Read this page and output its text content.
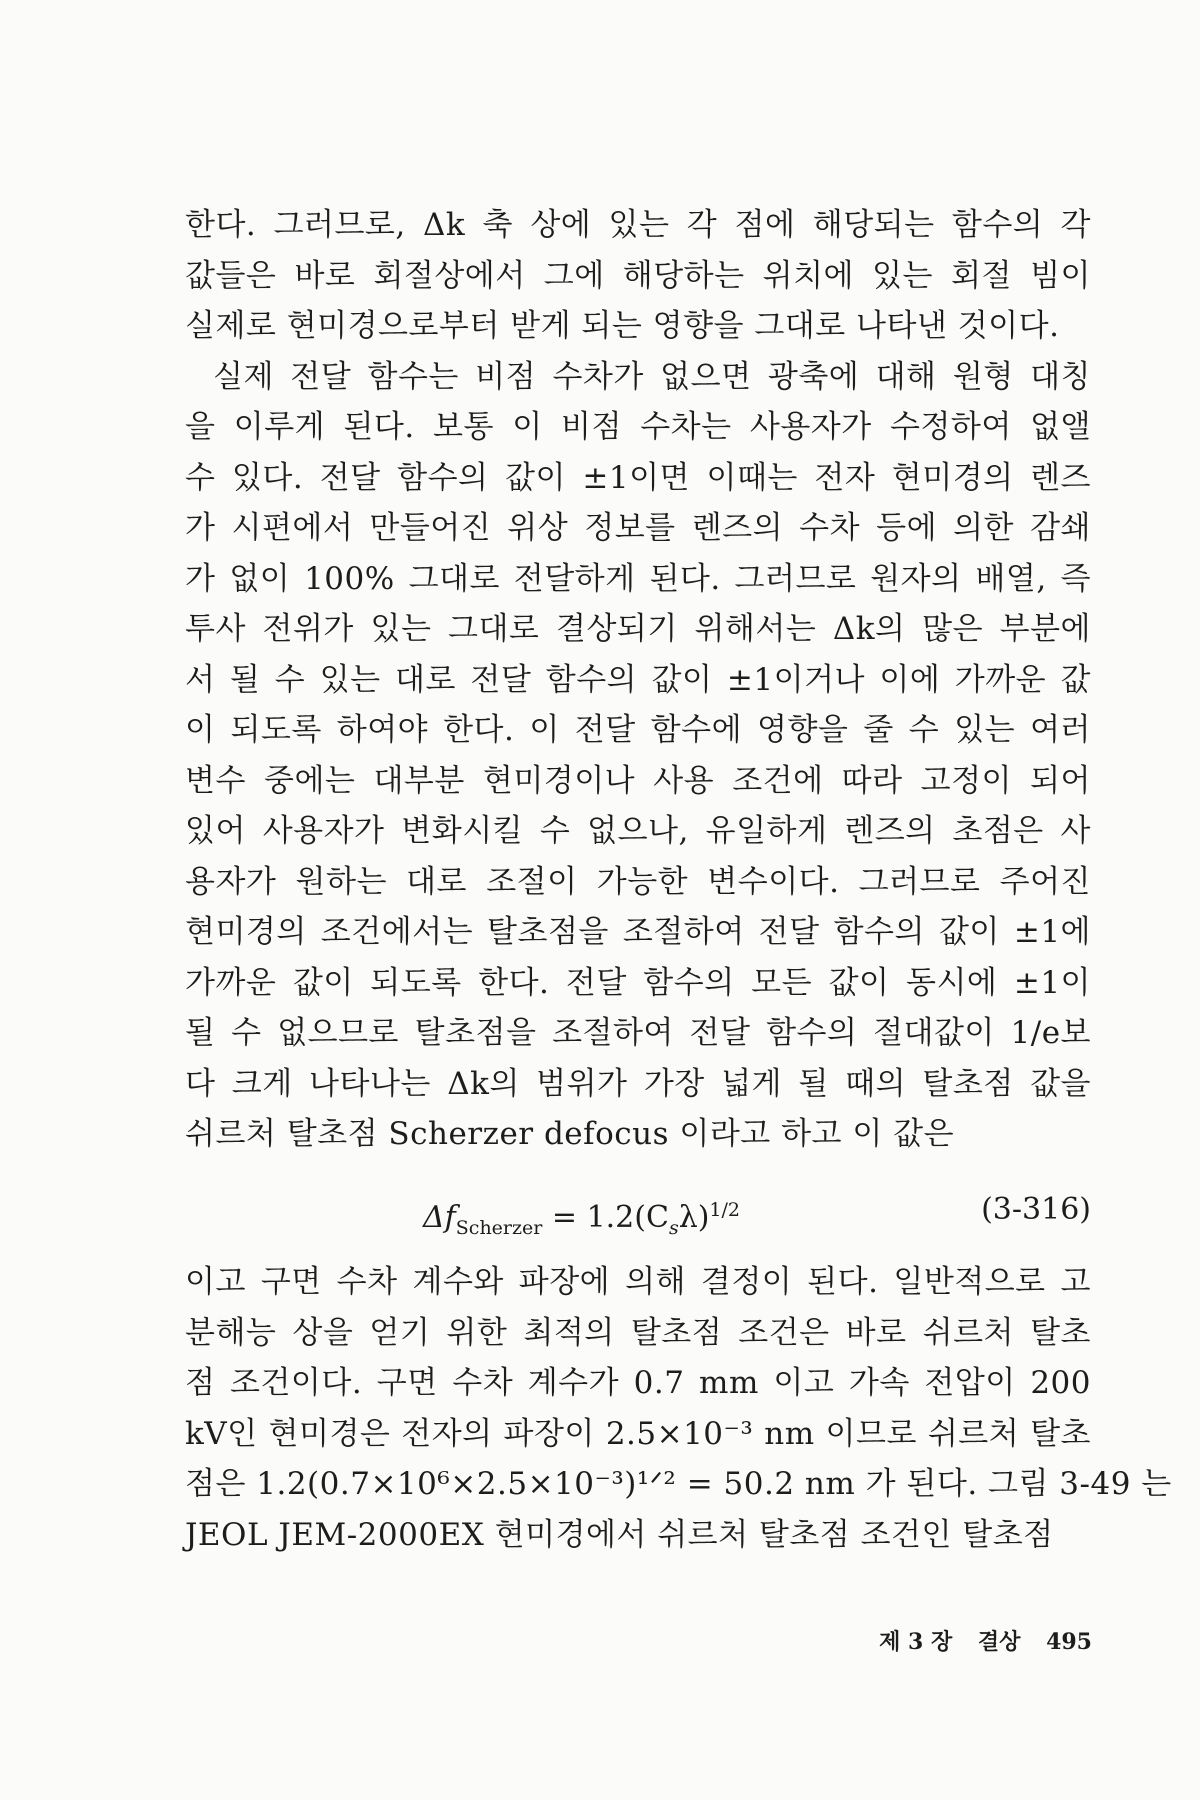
한다. 그러므로, Δk 축 상에 있는 각 점에 해당되는 함수의 각
값들은 바로 회절상에서 그에 해당하는 위치에 있는 회절 빔이
실제로 현미경으로부터 받게 되는 영향을 그대로 나타낸 것이다.
실제 전달 함수는 비점 수차가 없으면 광축에 대해 원형 대칭
을 이루게 된다. 보통 이 비점 수차는 사용자가 수정하여 없앨
수 있다. 전달 함수의 값이 ±1이면 이때는 전자 현미경의 렌즈
가 시편에서 만들어진 위상 정보를 렌즈의 수차 등에 의한 감쇄
가 없이 100% 그대로 전달하게 된다. 그러므로 원자의 배열, 즉
투사 전위가 있는 그대로 결상되기 위해서는 Δk의 많은 부분에
서 될 수 있는 대로 전달 함수의 값이 ±1이거나 이에 가까운 값
이 되도록 하여야 한다. 이 전달 함수에 영향을 줄 수 있는 여러
변수 중에는 대부분 현미경이나 사용 조건에 따라 고정이 되어
있어 사용자가 변화시킬 수 없으나, 유일하게 렌즈의 초점은 사
용자가 원하는 대로 조절이 가능한 변수이다. 그러므로 주어진
현미경의 조건에서는 탈초점을 조절하여 전달 함수의 값이 ±1에
가까운 값이 되도록 한다. 전달 함수의 모든 값이 동시에 ±1이
될 수 없으므로 탈초점을 조절하여 전달 함수의 절대값이 1/e보
다 크게 나타나는 Δk의 범위가 가장 넓게 될 때의 탈초점 값을
쉬르처 탈초점 Scherzer defocus 이라고 하고 이 값은
$\Delta f_{Scherzer} = 1.2(C_s\lambda)^{1/2}$	(3-316)
이고 구면 수차 계수와 파장에 의해 결정이 된다. 일반적으로 고
분해능 상을 얻기 위한 최적의 탈초점 조건은 바로 쉬르처 탈초
점 조건이다. 구면 수차 계수가 0.7 mm 이고 가속 전압이 200
kV인 현미경은 전자의 파장이 2.5×10⁻³ nm 이므로 쉬르처 탈초
점은 1.2(0.7×10⁶×2.5×10⁻³)¹ᐟ² = 50.2 nm 가 된다. 그림 3-49 는
JEOL JEM-2000EX 현미경에서 쉬르처 탈초점 조건인 탈초점
제 3 장 결상 495
